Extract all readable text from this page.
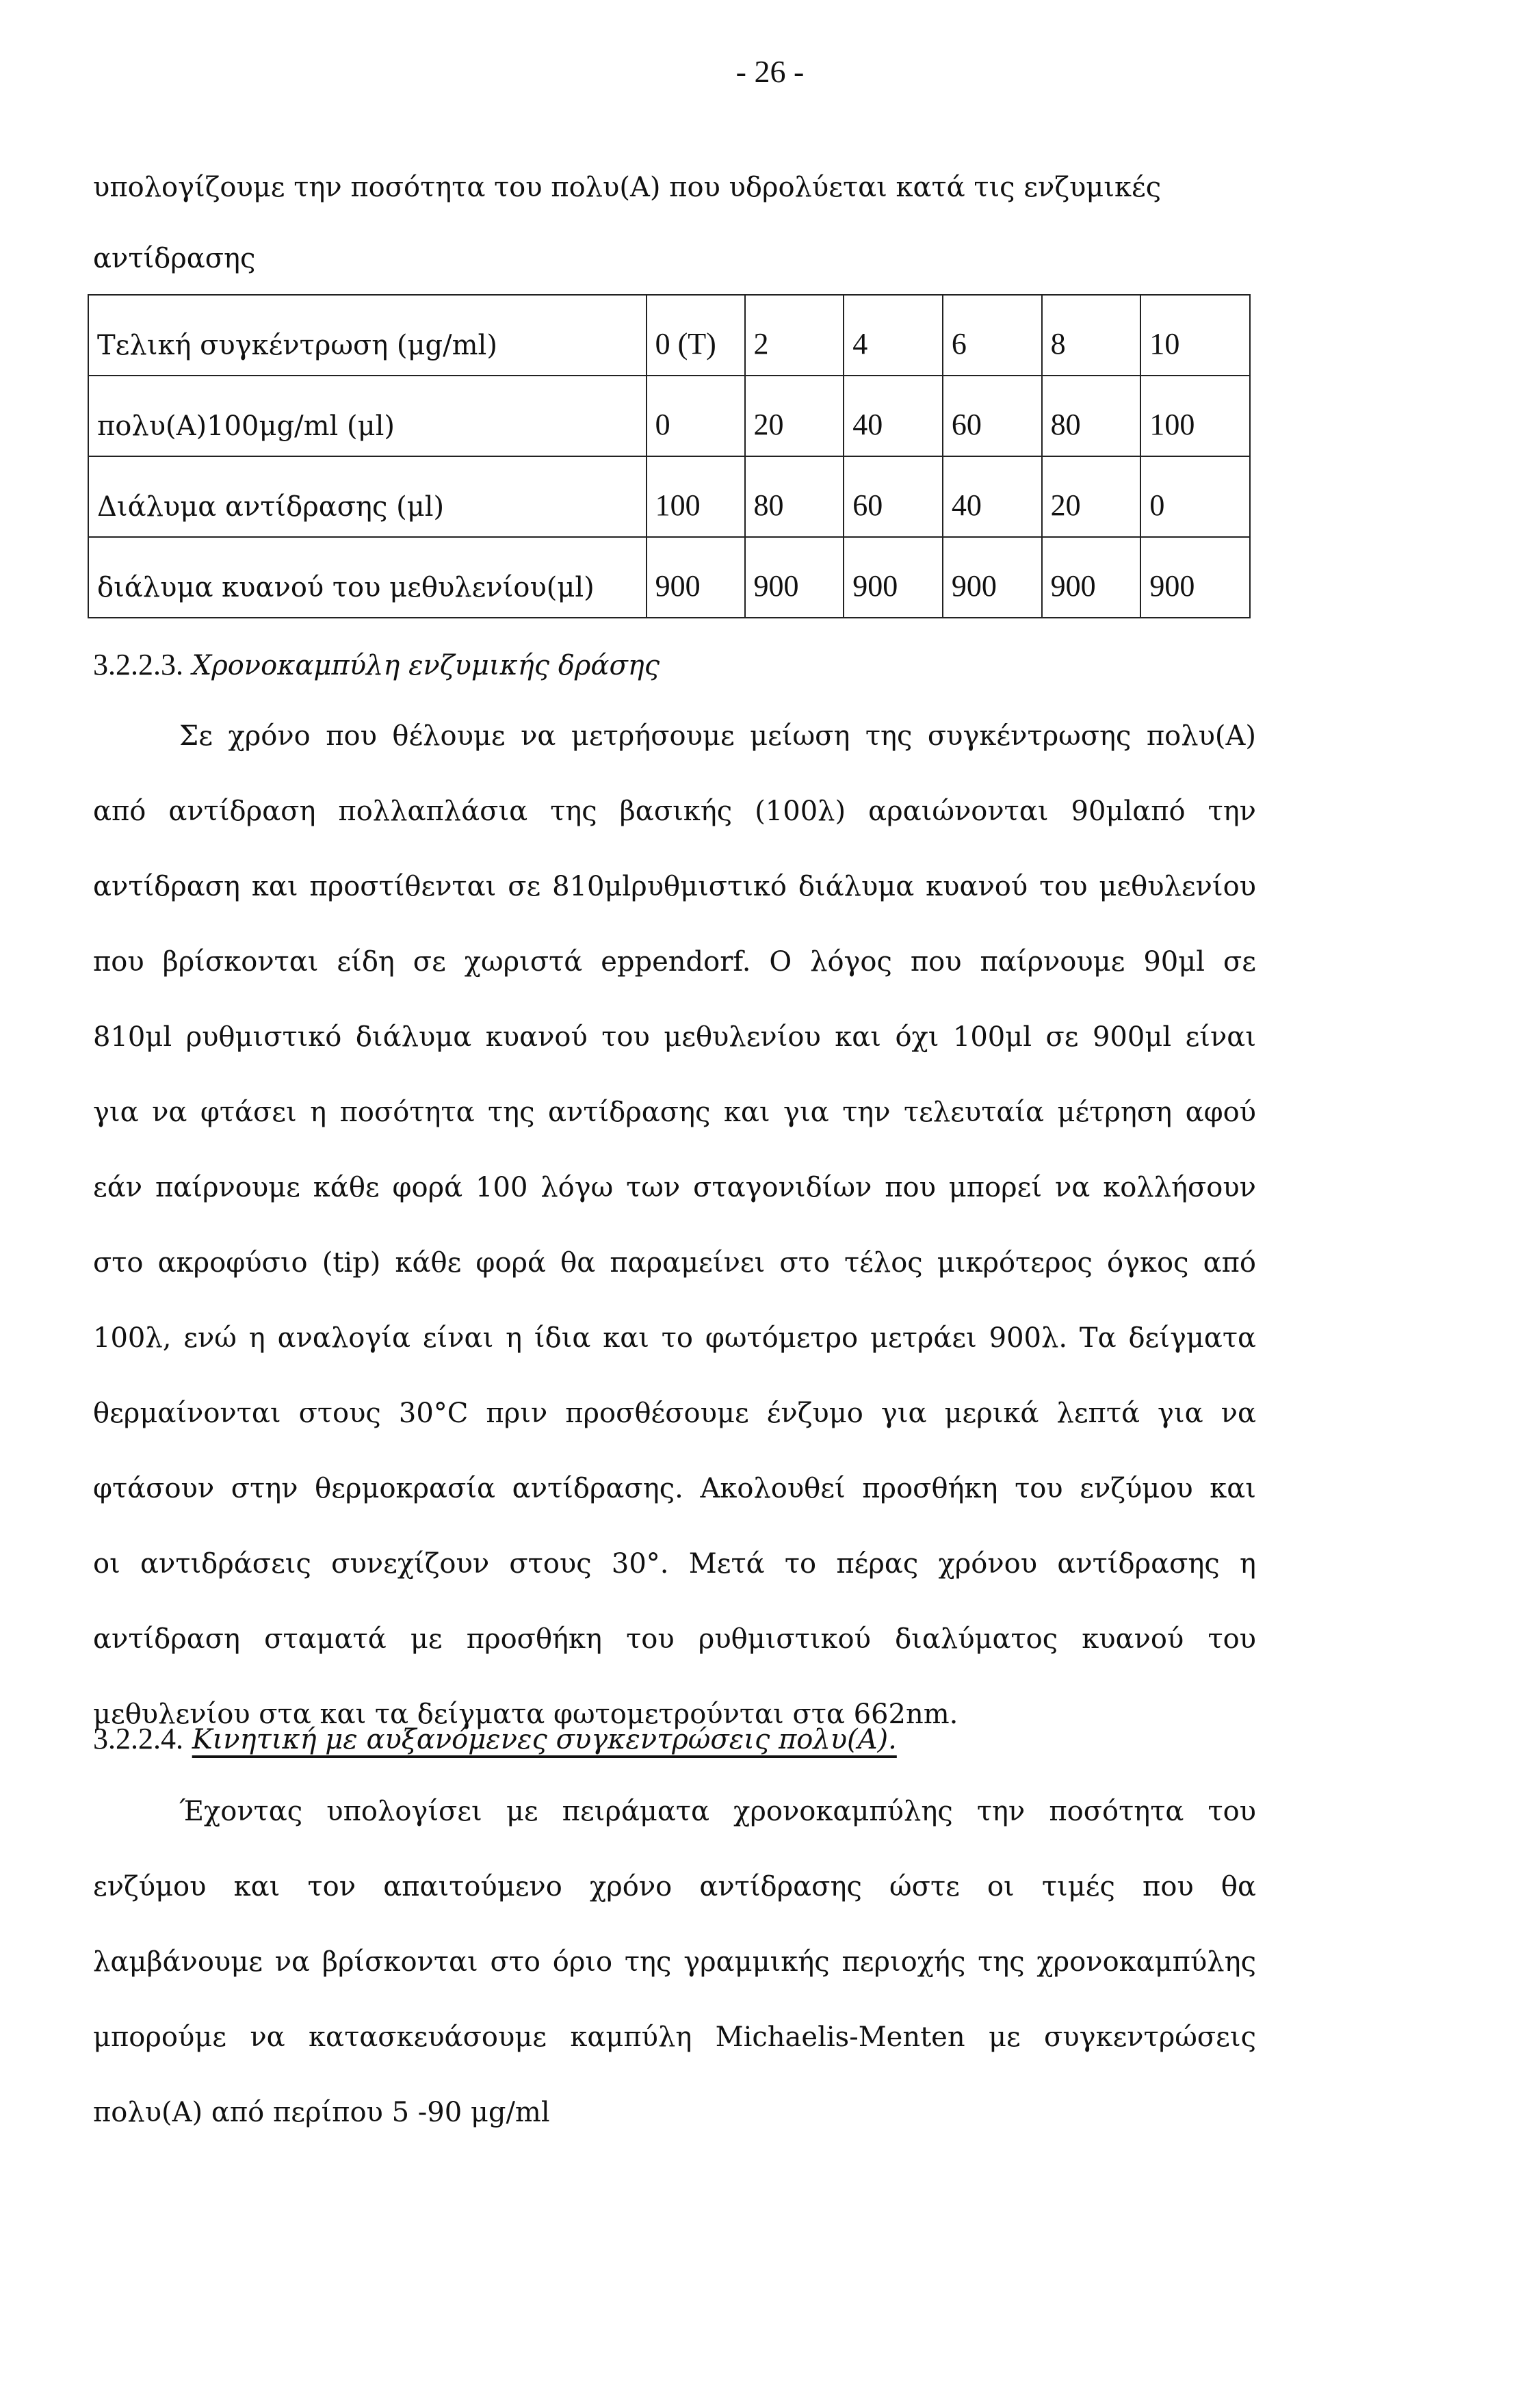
- 26 -
υπολογίζουμε την ποσότητα του πολυ(A) που υδρολύεται κατά τις ενζυμικές
αντίδρασης
Τελική συγκέντρωση (μg/ml)	0 (T)	2	4	6	8	10
πολυ(A)100μg/ml (μl)	0	20	40	60	80	100
Διάλυμα αντίδρασης (μl)	100	80	60	40	20	0
διάλυμα κυανού του μεθυλενίου(μl)	900	900	900	900	900	900
3.2.2.3. Χρονοκαμπύλη ενζυμικής δράσης
Σε χρόνο που θέλουμε να μετρήσουμε μείωση της συγκέντρωσης πολυ(A)
από αντίδραση πολλαπλάσια της βασικής (100λ) αραιώνονται 90μlαπό την
αντίδραση και προστίθενται σε 810μlρυθμιστικό διάλυμα κυανού του μεθυλενίου
που βρίσκονται είδη σε χωριστά eppendorf. Ο λόγος που παίρνουμε 90μl σε
810μl ρυθμιστικό διάλυμα κυανού του μεθυλενίου και όχι 100μl σε 900μl είναι
για να φτάσει η ποσότητα της αντίδρασης και για την τελευταία μέτρηση αφού
εάν παίρνουμε κάθε φορά 100 λόγω των σταγονιδίων που μπορεί να κολλήσουν
στο ακροφύσιο (tip) κάθε φορά θα παραμείνει στο τέλος μικρότερος όγκος από
100λ, ενώ η αναλογία είναι η ίδια και το φωτόμετρο μετράει 900λ. Τα δείγματα
θερμαίνονται στους 30°C πριν προσθέσουμε ένζυμο για μερικά λεπτά για να
φτάσουν στην θερμοκρασία αντίδρασης. Ακολουθεί προσθήκη του ενζύμου και
οι αντιδράσεις συνεχίζουν στους 30°. Μετά το πέρας χρόνου αντίδρασης η
αντίδραση σταματά με προσθήκη του ρυθμιστικού διαλύματος κυανού του
μεθυλενίου στα και τα δείγματα φωτομετρούνται στα 662nm.
3.2.2.4. Κινητική με αυξανόμενες συγκεντρώσεις πολυ(A).
Έχοντας υπολογίσει με πειράματα χρονοκαμπύλης την ποσότητα του
ενζύμου και τον απαιτούμενο χρόνο αντίδρασης ώστε οι τιμές που θα
λαμβάνουμε να βρίσκονται στο όριο της γραμμικής περιοχής της χρονοκαμπύλης
μπορούμε να κατασκευάσουμε καμπύλη Michaelis-Menten με συγκεντρώσεις
πολυ(A) από περίπου 5 -90 μg/ml
